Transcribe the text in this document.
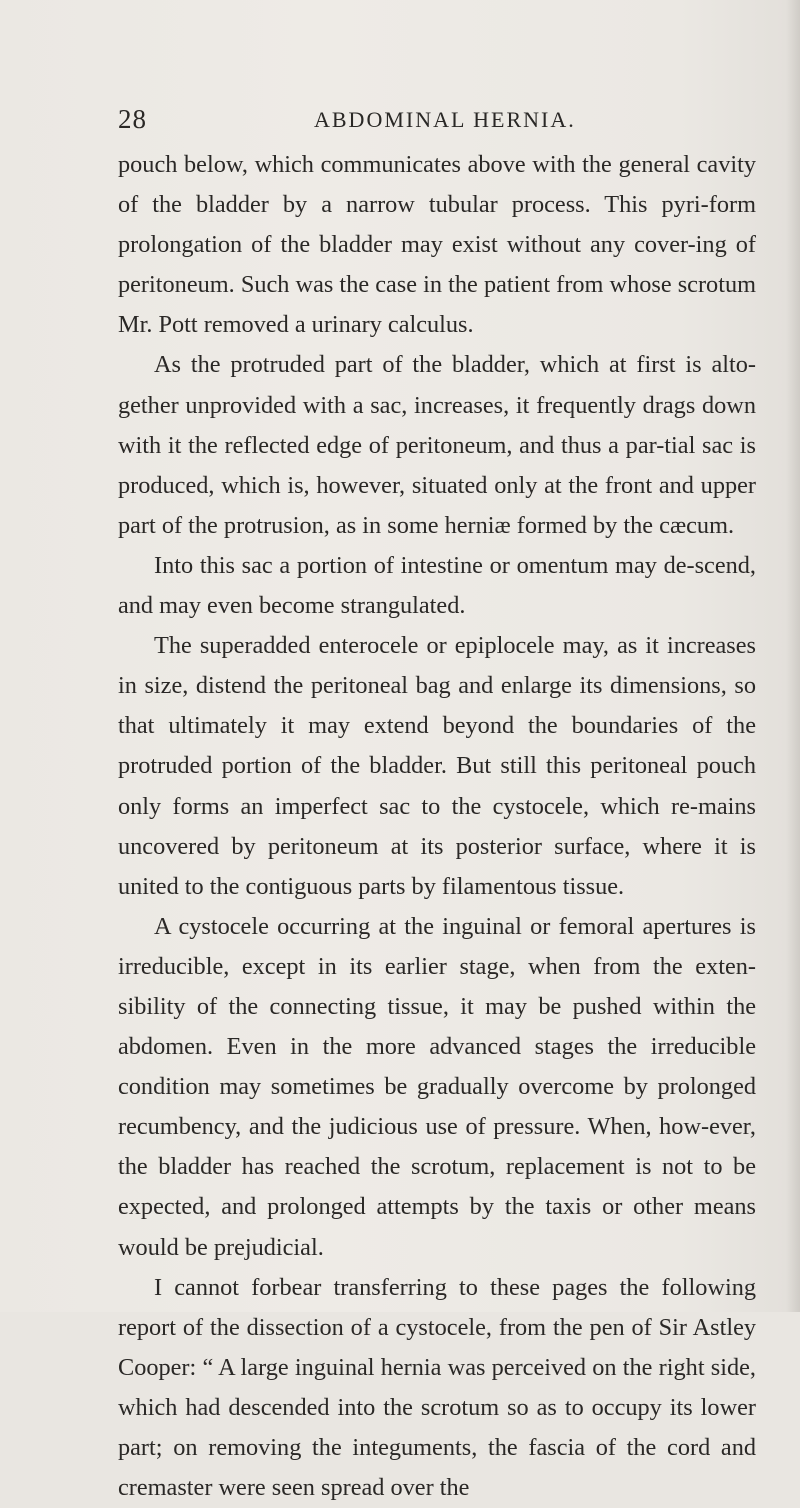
28	ABDOMINAL HERNIA.

pouch below, which communicates above with the general cavity of the bladder by a narrow tubular process. This pyri-form prolongation of the bladder may exist without any cover-ing of peritoneum. Such was the case in the patient from whose scrotum Mr. Pott removed a urinary calculus.

As the protruded part of the bladder, which at first is alto-gether unprovided with a sac, increases, it frequently drags down with it the reflected edge of peritoneum, and thus a par-tial sac is produced, which is, however, situated only at the front and upper part of the protrusion, as in some herniæ formed by the cæcum.

Into this sac a portion of intestine or omentum may de-scend, and may even become strangulated.

The superadded enterocele or epiplocele may, as it increases in size, distend the peritoneal bag and enlarge its dimensions, so that ultimately it may extend beyond the boundaries of the protruded portion of the bladder. But still this peritoneal pouch only forms an imperfect sac to the cystocele, which re-mains uncovered by peritoneum at its posterior surface, where it is united to the contiguous parts by filamentous tissue.

A cystocele occurring at the inguinal or femoral apertures is irreducible, except in its earlier stage, when from the exten-sibility of the connecting tissue, it may be pushed within the abdomen. Even in the more advanced stages the irreducible condition may sometimes be gradually overcome by prolonged recumbency, and the judicious use of pressure. When, how-ever, the bladder has reached the scrotum, replacement is not to be expected, and prolonged attempts by the taxis or other means would be prejudicial.

I cannot forbear transferring to these pages the following report of the dissection of a cystocele, from the pen of Sir Astley Cooper: “ A large inguinal hernia was perceived on the right side, which had descended into the scrotum so as to occupy its lower part; on removing the integuments, the fascia of the cord and cremaster were seen spread over the
